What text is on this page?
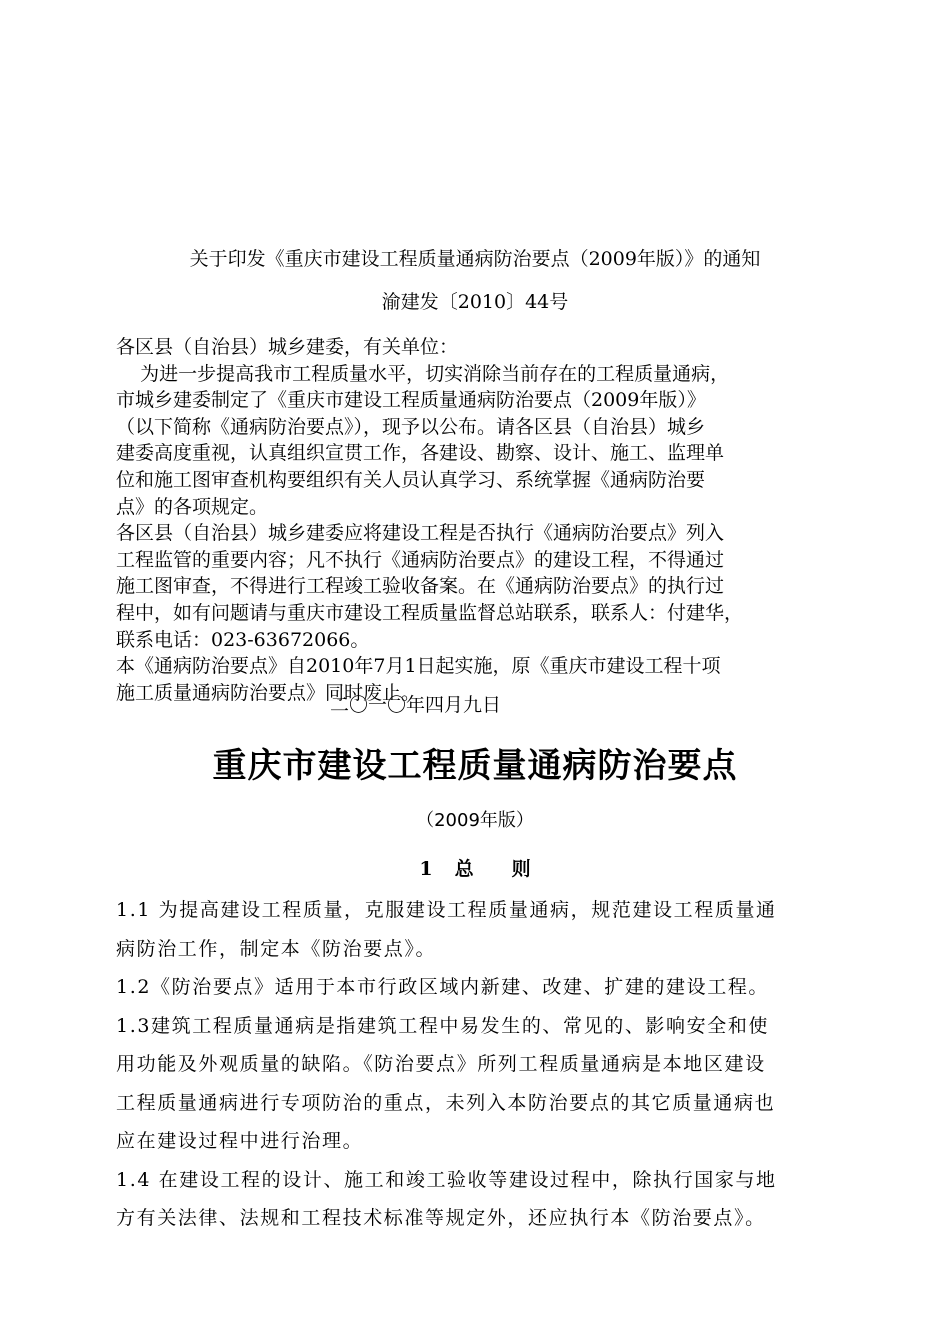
关于印发《重庆市建设工程质量通病防治要点（2009年版）》的通知

渝建发〔2010〕44号

各区县（自治县）城乡建委，有关单位：
为进一步提高我市工程质量水平，切实消除当前存在的工程质量通病，
市城乡建委制定了《重庆市建设工程质量通病防治要点（2009年版）》
（以下简称《通病防治要点》），现予以公布。请各区县（自治县）城乡
建委高度重视，认真组织宣贯工作，各建设、勘察、设计、施工、监理单
位和施工图审查机构要组织有关人员认真学习、系统掌握《通病防治要
点》的各项规定。
各区县（自治县）城乡建委应将建设工程是否执行《通病防治要点》列入
工程监管的重要内容；凡不执行《通病防治要点》的建设工程，不得通过
施工图审查，不得进行工程竣工验收备案。在《通病防治要点》的执行过
程中，如有问题请与重庆市建设工程质量监督总站联系，联系人：付建华，
联系电话：023-63672066。
本《通病防治要点》自2010年7月1日起实施，原《重庆市建设工程十项
施工质量通病防治要点》同时废止。

二〇一〇年四月九日

重庆市建设工程质量通病防治要点

（2009年版）

1 总 则

1.1 为提高建设工程质量，克服建设工程质量通病，规范建设工程质量通
病防治工作，制定本《防治要点》。
1.2《防治要点》适用于本市行政区域内新建、改建、扩建的建设工程。
1.3建筑工程质量通病是指建筑工程中易发生的、常见的、影响安全和使
用功能及外观质量的缺陷。《防治要点》所列工程质量通病是本地区建设
工程质量通病进行专项防治的重点，未列入本防治要点的其它质量通病也
应在建设过程中进行治理。
1.4 在建设工程的设计、施工和竣工验收等建设过程中，除执行国家与地
方有关法律、法规和工程技术标准等规定外，还应执行本《防治要点》。
